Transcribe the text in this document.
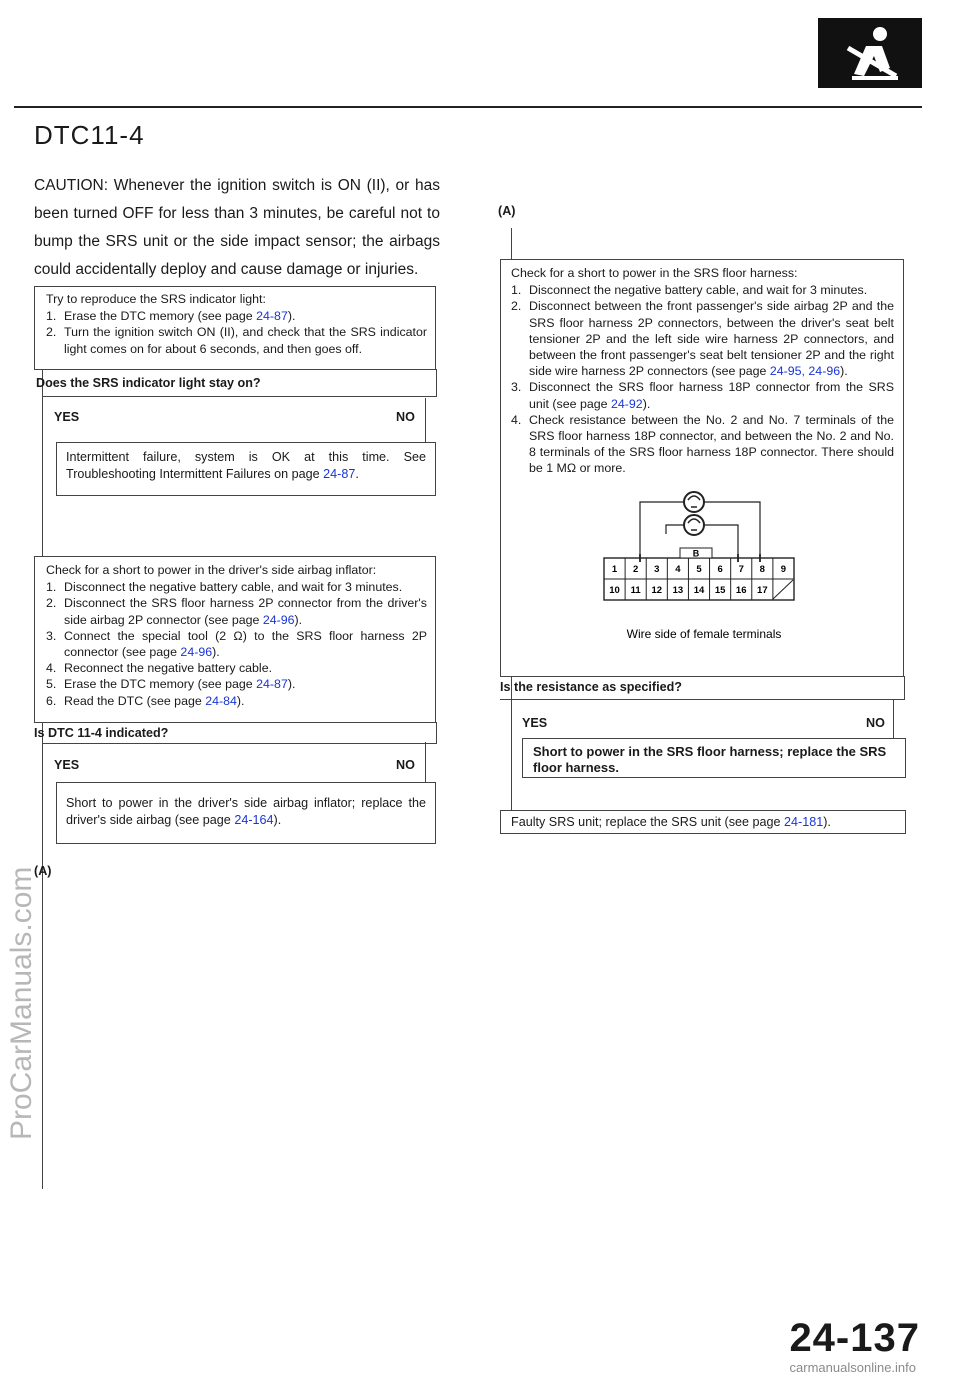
DTC11-4
CAUTION: Whenever the ignition switch is ON (II), or has been turned OFF for less than 3 minutes, be careful not to bump the SRS unit or the side impact sensor; the airbags could accidentally deploy and cause damage or injuries.
Try to reproduce the SRS indicator light:
1. Erase the DTC memory (see page 24-87).
2. Turn the ignition switch ON (II), and check that the SRS indicator light comes on for about 6 seconds, and then goes off.
Does the SRS indicator light stay on?
YES	NO
Intermittent failure, system is OK at this time. See Troubleshooting Intermittent Failures on page 24-87.
Check for a short to power in the driver's side airbag inflator:
1. Disconnect the negative battery cable, and wait for 3 minutes.
2. Disconnect the SRS floor harness 2P connector from the driver's side airbag 2P connector (see page 24-96).
3. Connect the special tool (2 Ω) to the SRS floor harness 2P connector (see page 24-96).
4. Reconnect the negative battery cable.
5. Erase the DTC memory (see page 24-87).
6. Read the DTC (see page 24-84).
Is DTC 11-4 indicated?
YES	NO
Short to power in the driver's side airbag inflator; replace the driver's side airbag (see page 24-164).
(A)
(A)
Check for a short to power in the SRS floor harness:
1. Disconnect the negative battery cable, and wait for 3 minutes.
2. Disconnect between the front passenger's side airbag 2P and the SRS floor harness 2P connectors, between the driver's seat belt tensioner 2P and the left side wire harness 2P connectors, and between the front passenger's seat belt tensioner 2P and the right side wire harness 2P connectors (see page 24-95, 24-96).
3. Disconnect the SRS floor harness 18P connector from the SRS unit (see page 24-92).
4. Check resistance between the No. 2 and No. 7 terminals of the SRS floor harness 18P connector, and between the No. 2 and No. 8 terminals of the SRS floor harness 18P connector. There should be 1 MΩ or more.
B
1 2 3 4 5 6 7 8 9
10 11 12 13 14 15 16 17
Wire side of female terminals
Is the resistance as specified?
YES	NO
Short to power in the SRS floor harness; replace the SRS floor harness.
Faulty SRS unit; replace the SRS unit (see page 24-181).
24-137
ProCarManuals.com
carmanualsonline.info
